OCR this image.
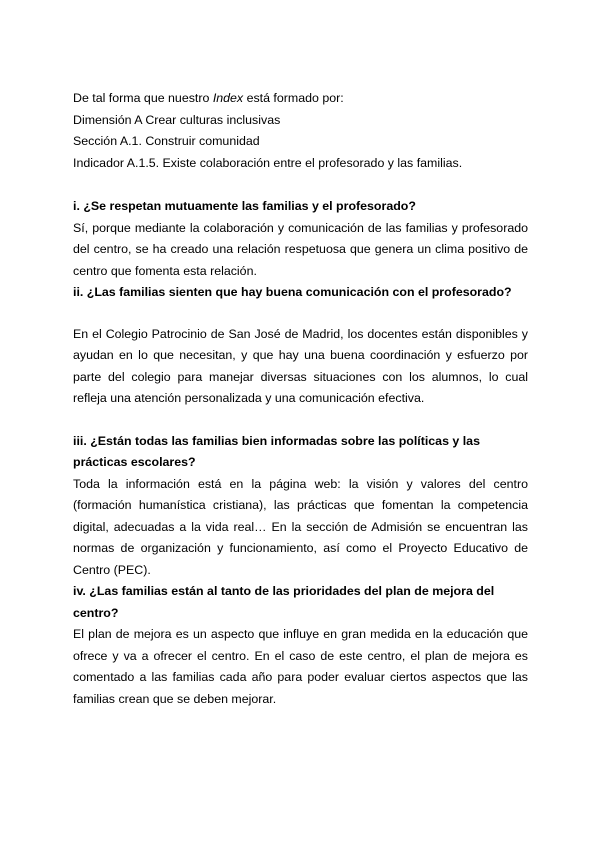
De tal forma que nuestro Index está formado por:

Dimensión A Crear culturas inclusivas

Sección A.1. Construir comunidad

Indicador A.1.5. Existe colaboración entre el profesorado y las familias.

i. ¿Se respetan mutuamente las familias y el profesorado?

Sí, porque mediante la colaboración y comunicación de las familias y profesorado del centro, se ha creado una relación respetuosa que genera un clima positivo de centro que fomenta esta relación.

ii. ¿Las familias sienten que hay buena comunicación con el profesorado?

En el Colegio Patrocinio de San José de Madrid, los docentes están disponibles y ayudan en lo que necesitan, y que hay una buena coordinación y esfuerzo por parte del colegio para manejar diversas situaciones con los alumnos, lo cual refleja una atención personalizada y una comunicación efectiva.

iii. ¿Están todas las familias bien informadas sobre las políticas y las prácticas escolares?

Toda la información está en la página web: la visión y valores del centro (formación humanística cristiana), las prácticas que fomentan la competencia digital, adecuadas a la vida real… En la sección de Admisión se encuentran las normas de organización y funcionamiento, así como el Proyecto Educativo de Centro (PEC).

iv. ¿Las familias están al tanto de las prioridades del plan de mejora del centro?

El plan de mejora es un aspecto que influye en gran medida en la educación que ofrece y va a ofrecer el centro. En el caso de este centro, el plan de mejora es comentado a las familias cada año para poder evaluar ciertos aspectos que las familias crean que se deben mejorar.
